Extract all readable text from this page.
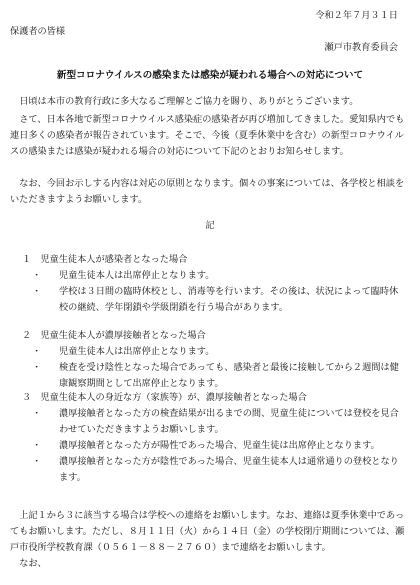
令和２年７月３１日
保護者の皆様
瀬戸市教育委員会
新型コロナウイルスの感染または感染が疑われる場合への対応について
日頃は本市の教育行政に多大なるご理解とご協力を賜り、ありがとうございます。
さて、日本各地で新型コロナウイルス感染症の感染者が再び増加してきました。愛知県内でも連日多くの感染者が報告されています。そこで、今後（夏季休業中を含む）の新型コロナウイルスの感染または感染が疑われる場合の対応について下記のとおりお知らせします。
なお、今回お示しする内容は対応の原則となります。個々の事案については、各学校と相談をいただきますようお願いします。
記
１　児童生徒本人が感染者となった場合
・ 児童生徒本人は出席停止となります。
・ 学校は３日間の臨時休校とし、消毒等を行います。その後は、状況によって臨時休校の継続、学年閉鎖や学級閉鎖を行う場合があります。
２　児童生徒本人が濃厚接触者となった場合
・ 児童生徒本人は出席停止となります。
・ 検査を受け陰性となった場合であっても、感染者と最後に接触してから２週間は健康観察期間として出席停止となります。
３　児童生徒本人の身近な方（家族等）が、濃厚接触者となった場合
・ 濃厚接触者となった方の検査結果が出るまでの間、児童生徒については登校を見合わせていただきますようお願いします。
・ 濃厚接触者となった方が陽性であった場合、児童生徒は出席停止となります。
・ 濃厚接触者となった方が陰性であった場合、児童生徒本人は通常通りの登校となります。
上記１から３に該当する場合は学校への連絡をお願いします。なお、連絡は夏季休業中であってもお願いします。ただし、８月１１日（火）から１４日（金）の学校閉庁期間については、瀬戸市役所学校教育課（０５６１－８８－２７６０）まで連絡をお願いします。
なお、
